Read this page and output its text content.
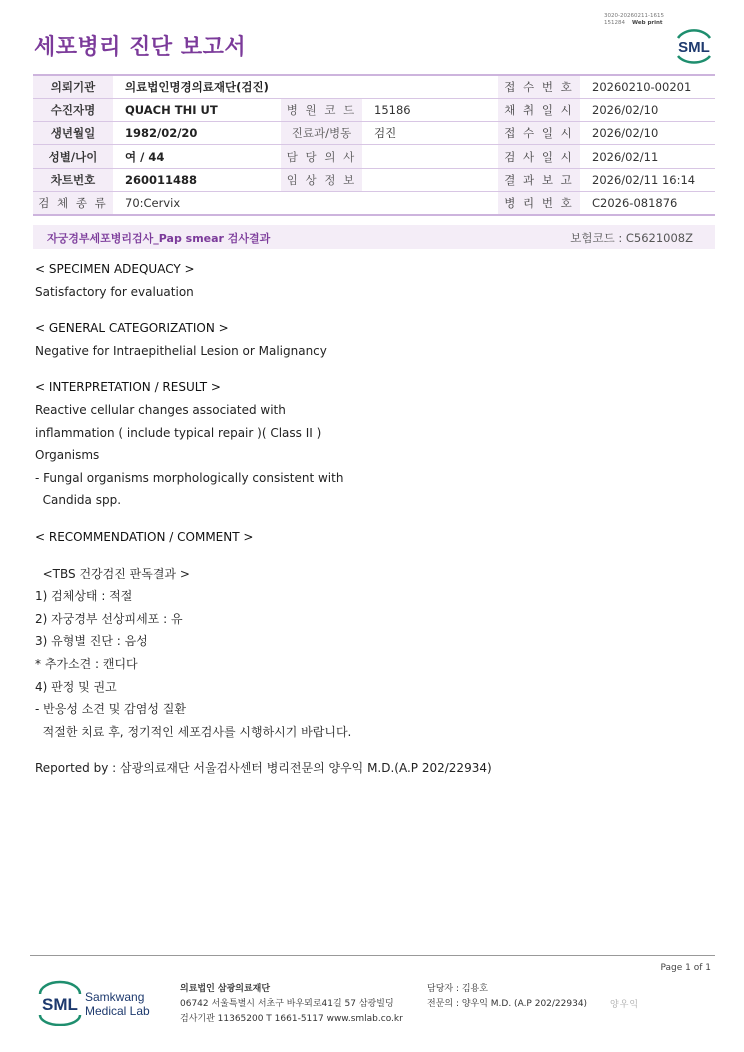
3020-20260211-1615
151284 Web print
세포병리 진단 보고서	SML
의뢰기관	의료법인명경의료재단(검진)			접 수 번 호	20260210-00201
수진자명	QUACH THI UT	병 원 코 드	15186	채 취 일 시	2026/02/10
생년월일	1982/02/20	진료과/병동	검진	접 수 일 시	2026/02/10
성별/나이	여 / 44	담 당 의 사		검 사 일 시	2026/02/11
차트번호	260011488	임 상 정 보		결 과 보 고	2026/02/11 16:14
검 체 종 류	70:Cervix			병 리 번 호	C2026-081876
자궁경부세포병리검사_Pap smear 검사결과	보험코드 : C5621008Z
< SPECIMEN ADEQUACY >
Satisfactory for evaluation
< GENERAL CATEGORIZATION >
Negative for Intraepithelial Lesion or Malignancy
< INTERPRETATION / RESULT >
Reactive cellular changes associated with
inflammation ( include typical repair )( Class II )
Organisms
- Fungal organisms morphologically consistent with
Candida spp.
< RECOMMENDATION / COMMENT >
<TBS 건강검진 판독결과 >
1) 검체상태 : 적절
2) 자궁경부 선상피세포 : 유
3) 유형별 진단 : 음성
* 추가소견 : 캔디다
4) 판정 및 권고
- 반응성 소견 및 감염성 질환
적절한 치료 후, 정기적인 세포검사를 시행하시기 바랍니다.
Reported by : 삼광의료재단 서울검사센터 병리전문의 양우익 M.D.(A.P 202/22934)
Page 1 of 1
SML Samkwang
Medical Lab
의료법인 삼광의료재단
06742 서울특별시 서초구 바우뫼로41길 57 삼광빌딩
검사기관 11365200 T 1661-5117 www.smlab.co.kr
담당자 : 김용호
전문의 : 양우익 M.D. (A.P 202/22934)	양우익
